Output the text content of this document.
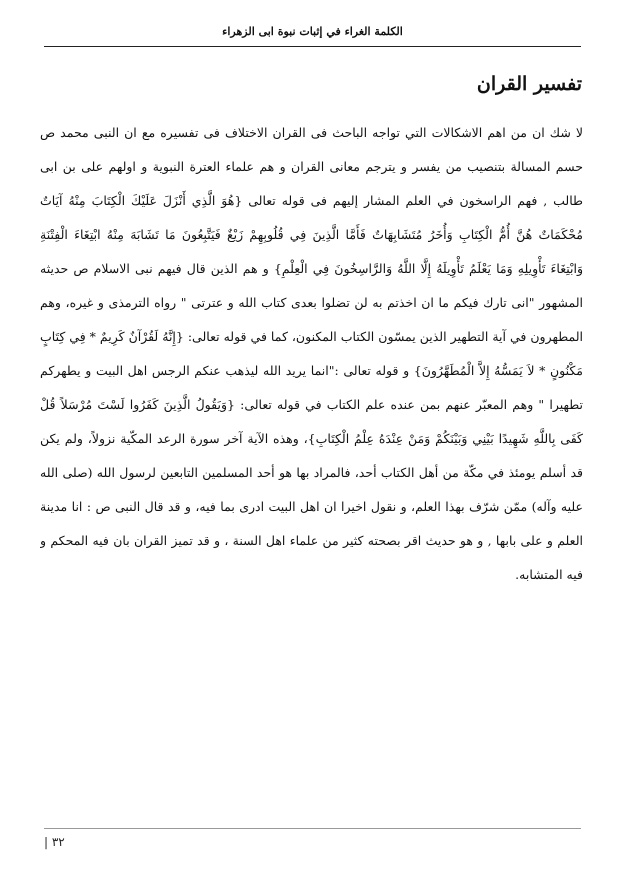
الكلمة الغراء في إثبات نبوة ابى الزهراء
تفسير القران

لا شك ان من اهم الاشكالات التي تواجه الباحث فى القران الاختلاف فى تفسيره مع ان النبى محمد ص حسم المسالة بتنصيب من يفسر و يترجم معانى القران و هم علماء العترة النبوية و اولهم على بن ابى طالب , فهم الراسخون في العلم المشار إليهم فى قوله تعالى {هُوَ الَّذِي أَنْزَلَ عَلَيْكَ الْكِتَابَ مِنْهُ آيَاتٌ مُحْكَمَاتٌ هُنَّ أُمُّ الْكِتَابِ وَأُخَرُ مُتَشَابِهَاتٌ فَأَمَّا الَّذِينَ فِي قُلُوبِهِمْ زَيْغٌ فَيَتَّبِعُونَ مَا تَشَابَهَ مِنْهُ ابْتِغَاءَ الْفِتْنَةِ وَابْتِغَاءَ تَأْوِيلِهِ وَمَا يَعْلَمُ تَأْوِيلَهُ إِلَّا اللَّهُ وَالرَّاسِخُونَ فِي الْعِلْمِ} و هم الذين قال فيهم نبى الاسلام ص حديثه المشهور "انى تارك فيكم ما ان اخذتم به لن تضلوا بعدى كتاب الله و عترتى " رواه الترمذى و غيره، وهم المطهرون في آية التطهير الذين يمسّون الكتاب المكنون، كما في قوله تعالى: {إِنَّهُ لَقُرْآنٌ كَرِيمٌ * فِي كِتَابٍ مَكْنُونٍ * لاَ يَمَسُّهُ إِلاَّ الْمُطَهَّرُونَ} و قوله تعالى :"انما يريد الله ليذهب عنكم الرجس اهل البيت و يطهركم تطهيرا " وهم المعبّر عنهم بمن عنده علم الكتاب في قوله تعالى: {وَيَقُولُ الَّذِينَ كَفَرُوا لَسْتَ مُرْسَلاً قُلْ كَفَى بِاللَّهِ شَهِيدًا بَيْنِي وَبَيْنَكُمْ وَمَنْ عِنْدَهُ عِلْمُ الْكِتَابِ}، وهذه الآية آخر سورة الرعد المكّية نزولاً، ولم يكن قد أسلم يومئذ في مكّة من أهل الكتاب أحد، فالمراد بها هو أحد المسلمين التابعين لرسول الله (صلى الله عليه وآله) ممّن شرّف بهذا العلم، و نقول اخيرا ان اهل البيت ادرى بما فيه، و قد قال النبى ص : انا مدينة العلم و على بابها , و هو حديث اقر بصحته كثير من علماء اهل السنة ، و قد تميز القران بان فيه المحكم و فيه المتشابه.

٣٢ |
